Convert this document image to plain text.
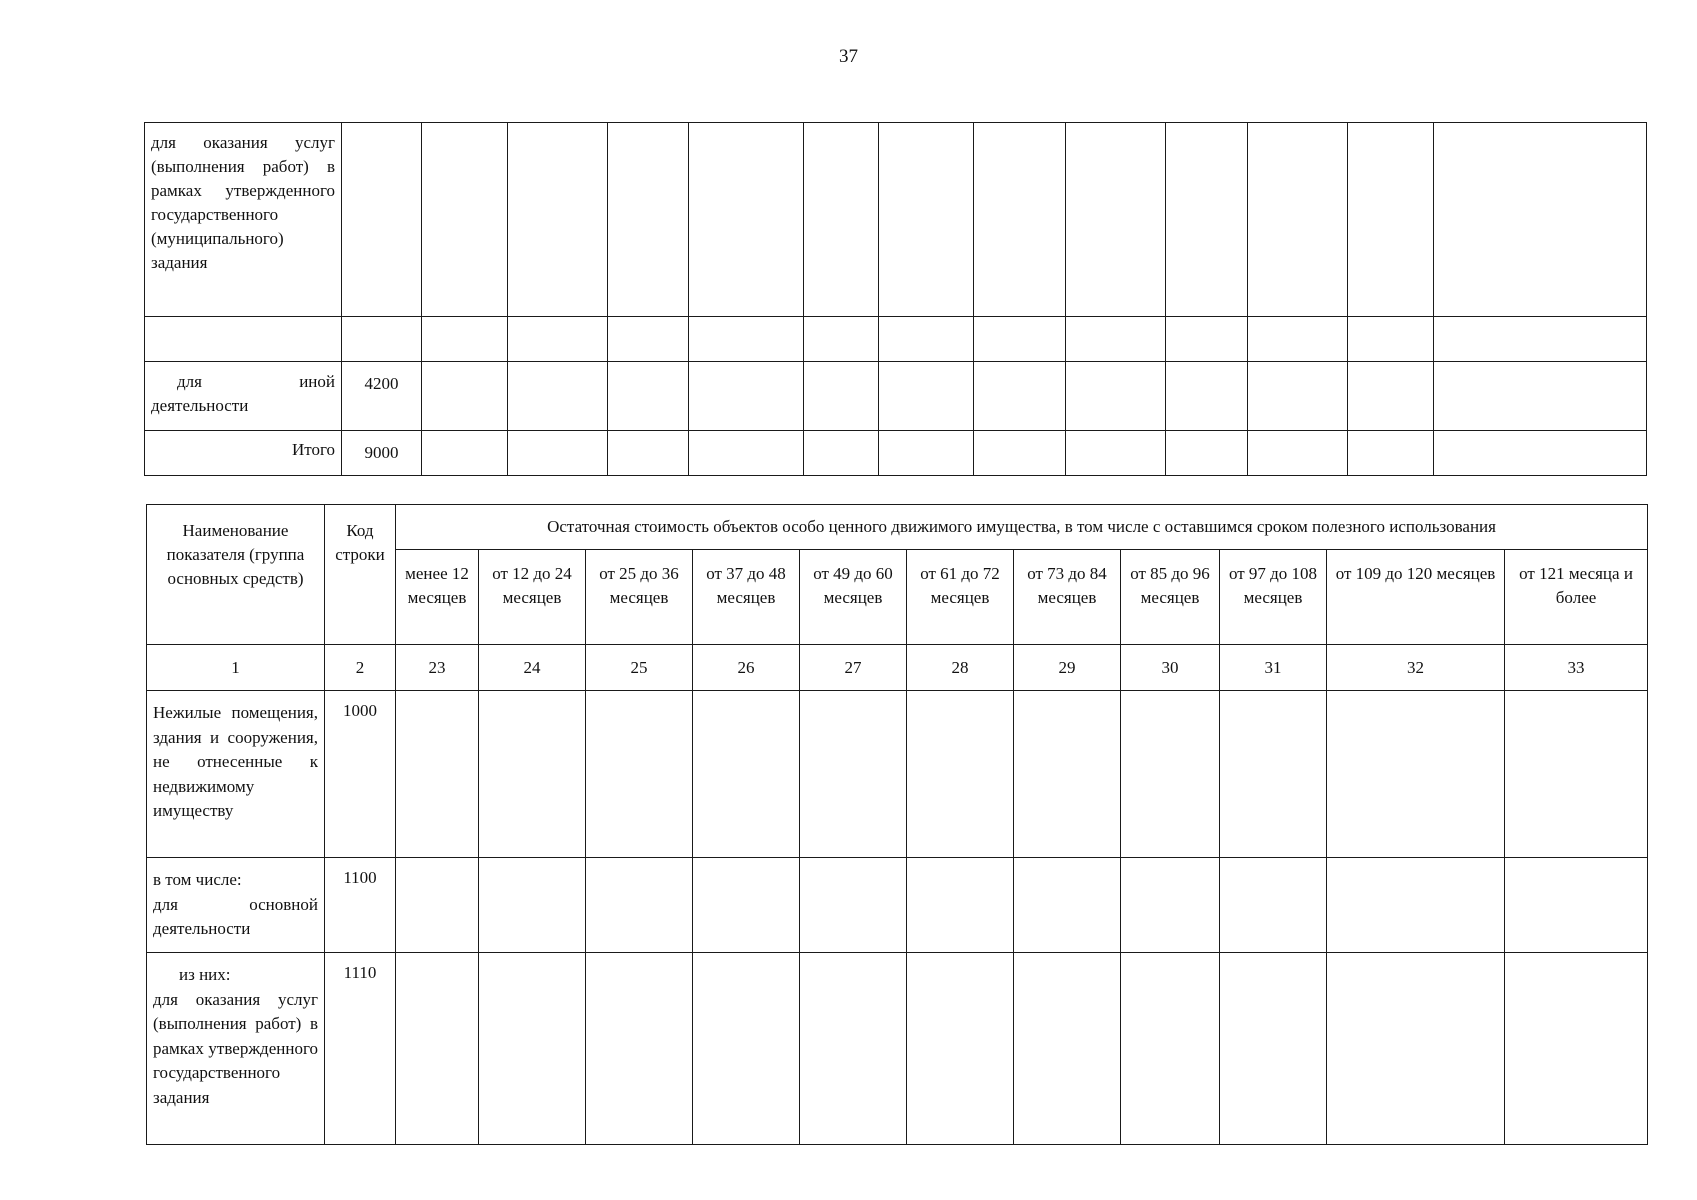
37
для оказания услуг (выполнения работ) в рамках утвержденного государственного (муниципального) задания													

для иной
деятельности	4200												
Итого	9000												
Наименование показателя (группа основных средств)	Код строки	Остаточная стоимость объектов особо ценного движимого имущества, в том числе с оставшимся сроком полезного использования										
		менее 12 месяцев	от 12 до 24 месяцев	от 25 до 36 месяцев	от 37 до 48 месяцев	от 49 до 60 месяцев	от 61 до 72 месяцев	от 73 до 84 месяцев	от 85 до 96 месяцев	от 97 до 108 месяцев	от 109 до 120 месяцев	от 121 месяца и более
1	2	23	24	25	26	27	28	29	30	31	32	33
Нежилые помещения, здания и сооружения, не отнесенные к недвижимому имуществу	1000											

в том числе:
для основной деятельности	1100											

из них:
для оказания услуг (выполнения работ) в рамках утвержденного государственного задания	1110											
